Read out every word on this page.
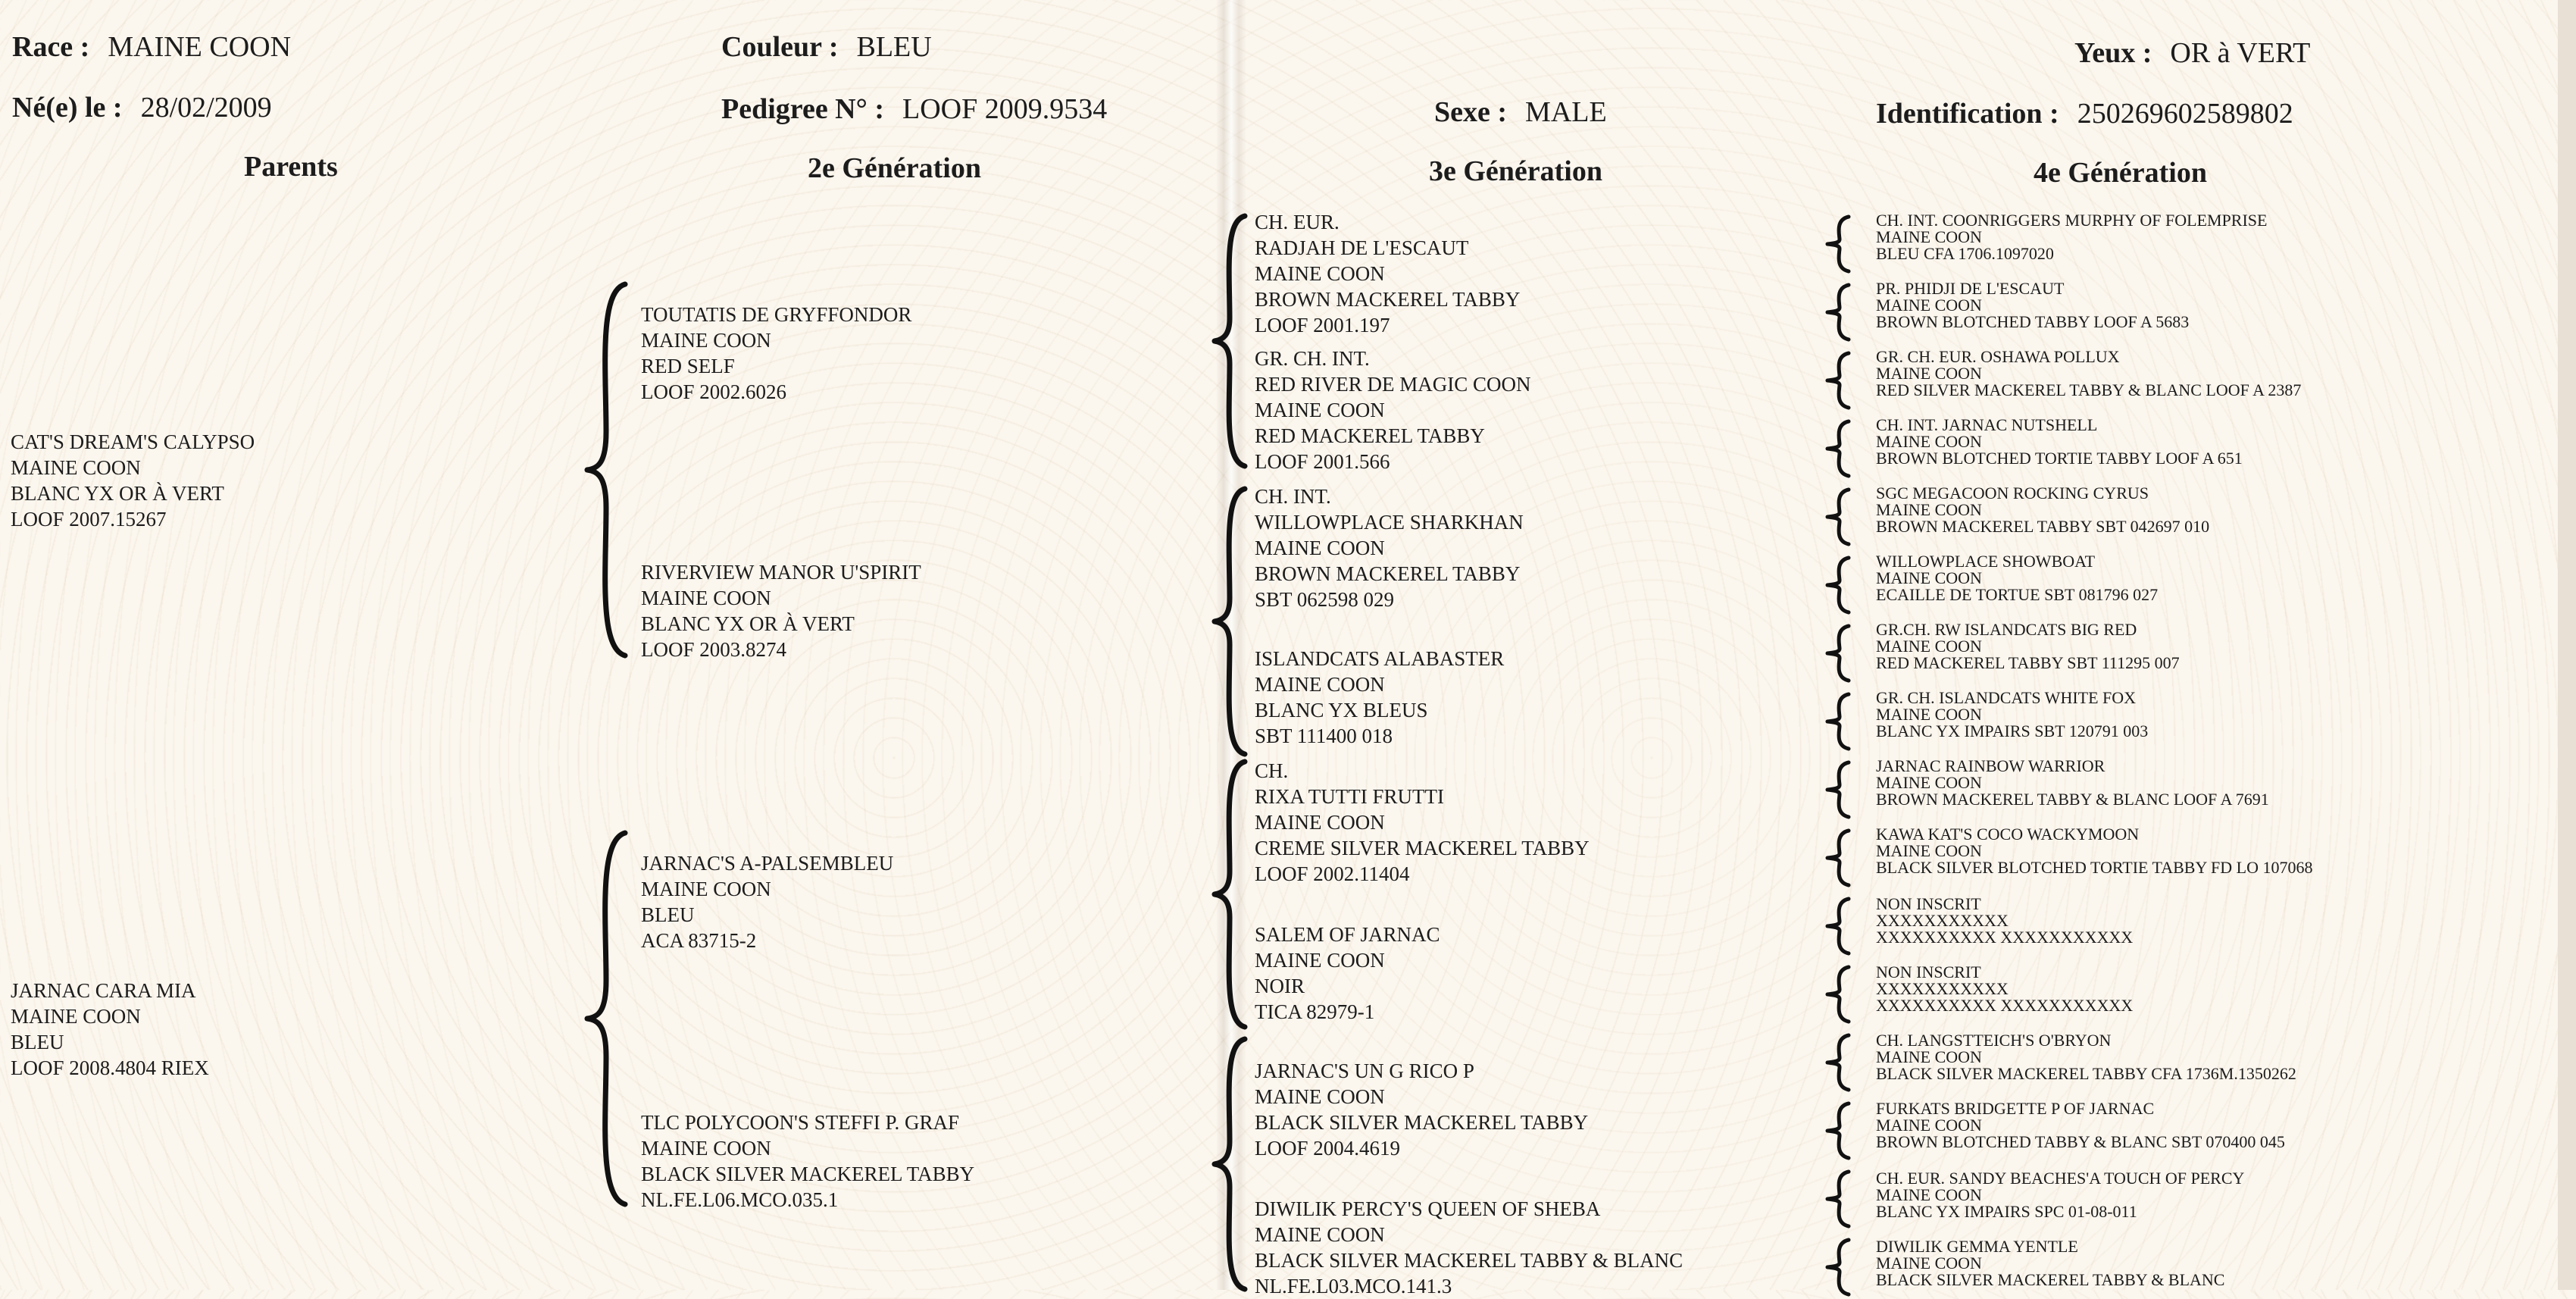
Race : MAINE COON	Couleur : BLEU	Yeux : OR à VERT
Né(e) le : 28/02/2009	Pedigree N° : LOOF 2009.9534	Sexe : MALE	Identification : 250269602589802
Parents	2e Génération	3e Génération	4e Génération
CAT'S DREAM'S CALYPSO
MAINE COON
BLANC YX OR À VERT
LOOF 2007.15267
JARNAC CARA MIA
MAINE COON
BLEU
LOOF 2008.4804 RIEX
TOUTATIS DE GRYFFONDOR
MAINE COON
RED SELF
LOOF 2002.6026
RIVERVIEW MANOR U'SPIRIT
MAINE COON
BLANC YX OR À VERT
LOOF 2003.8274
JARNAC'S A-PALSEMBLEU
MAINE COON
BLEU
ACA 83715-2
TLC POLYCOON'S STEFFI P. GRAF
MAINE COON
BLACK SILVER MACKEREL TABBY
NL.FE.L06.MCO.035.1
CH. EUR.
RADJAH DE L'ESCAUT
MAINE COON
BROWN MACKEREL TABBY
LOOF 2001.197
GR. CH. INT.
RED RIVER DE MAGIC COON
MAINE COON
RED MACKEREL TABBY
LOOF 2001.566
CH. INT.
WILLOWPLACE SHARKHAN
MAINE COON
BROWN MACKEREL TABBY
SBT 062598 029
ISLANDCATS ALABASTER
MAINE COON
BLANC YX BLEUS
SBT 111400 018
CH.
RIXA TUTTI FRUTTI
MAINE COON
CREME SILVER MACKEREL TABBY
LOOF 2002.11404
SALEM OF JARNAC
MAINE COON
NOIR
TICA 82979-1
JARNAC'S UN G RICO P
MAINE COON
BLACK SILVER MACKEREL TABBY
LOOF 2004.4619
DIWILIK PERCY'S QUEEN OF SHEBA
MAINE COON
BLACK SILVER MACKEREL TABBY & BLANC
NL.FE.L03.MCO.141.3
CH. INT. COONRIGGERS MURPHY OF FOLEMPRISE
MAINE COON
BLEU CFA 1706.1097020
PR. PHIDJI DE L'ESCAUT
MAINE COON
BROWN BLOTCHED TABBY LOOF A 5683
GR. CH. EUR. OSHAWA POLLUX
MAINE COON
RED SILVER MACKEREL TABBY & BLANC LOOF A 2387
CH. INT. JARNAC NUTSHELL
MAINE COON
BROWN BLOTCHED TORTIE TABBY LOOF A 651
SGC MEGACOON ROCKING CYRUS
MAINE COON
BROWN MACKEREL TABBY SBT 042697 010
WILLOWPLACE SHOWBOAT
MAINE COON
ECAILLE DE TORTUE SBT 081796 027
GR.CH. RW ISLANDCATS BIG RED
MAINE COON
RED MACKEREL TABBY SBT 111295 007
GR. CH. ISLANDCATS WHITE FOX
MAINE COON
BLANC YX IMPAIRS SBT 120791 003
JARNAC RAINBOW WARRIOR
MAINE COON
BROWN MACKEREL TABBY & BLANC LOOF A 7691
KAWA KAT'S COCO WACKYMOON
MAINE COON
BLACK SILVER BLOTCHED TORTIE TABBY FD LO 107068
NON INSCRIT
XXXXXXXXXXX
XXXXXXXXXX XXXXXXXXXXX
NON INSCRIT
XXXXXXXXXXX
XXXXXXXXXX XXXXXXXXXXX
CH. LANGSTTEICH'S O'BRYON
MAINE COON
BLACK SILVER MACKEREL TABBY CFA 1736M.1350262
FURKATS BRIDGETTE P OF JARNAC
MAINE COON
BROWN BLOTCHED TABBY & BLANC SBT 070400 045
CH. EUR. SANDY BEACHES'A TOUCH OF PERCY
MAINE COON
BLANC YX IMPAIRS SPC 01-08-011
DIWILIK GEMMA YENTLE
MAINE COON
BLACK SILVER MACKEREL TABBY & BLANC
